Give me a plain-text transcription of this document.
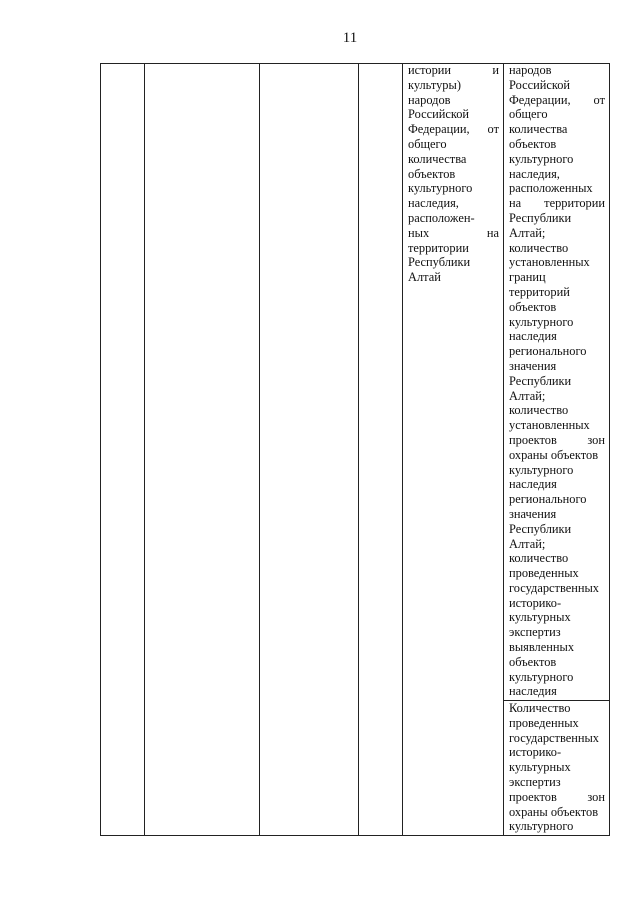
11
истории	и
культуры)
народов
Российской
Федерации, от
общего
количества
объектов
культурного
наследия,
расположен-
ных	на
территории
Республики
Алтай
народов
Российской
Федерации, от
общего
количества
объектов
культурного
наследия,
расположенных
на территории
Республики
Алтай;
количество
установленных
границ
территорий
объектов
культурного
наследия
регионального
значения
Республики
Алтай;
количество
установленных
проектов зон
охраны объектов
культурного
наследия
регионального
значения
Республики
Алтай;
количество
проведенных
государственных
историко-
культурных
экспертиз
выявленных
объектов
культурного
наследия
Количество
проведенных
государственных
историко-
культурных
экспертиз
проектов зон
охраны объектов
культурного
